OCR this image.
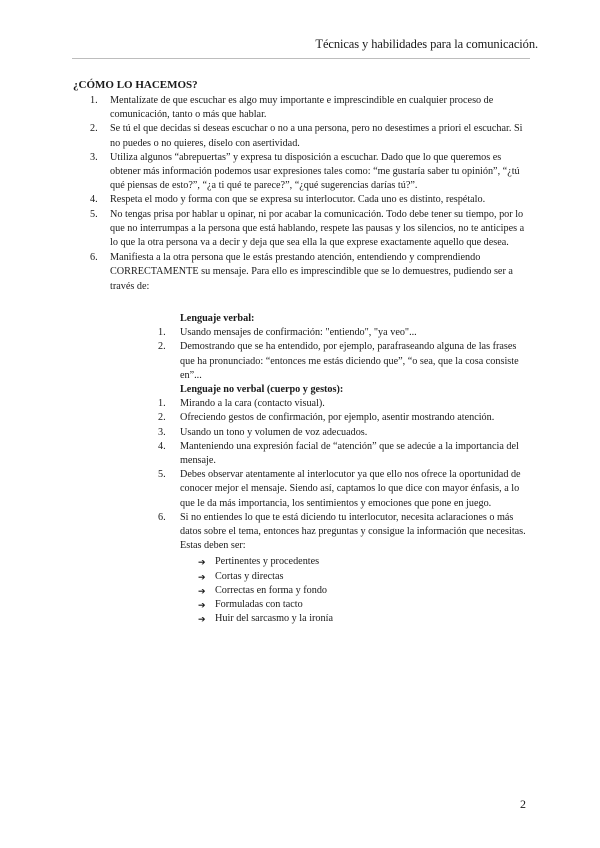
Técnicas y habilidades para la comunicación.
¿CÓMO LO HACEMOS?
1. Mentalízate de que escuchar es algo muy importante e imprescindible en cualquier proceso de comunicación, tanto o más que hablar.
2. Se tú el que decidas si deseas escuchar o no a una persona, pero no desestimes a priori el escuchar. Si no puedes o no quieres, díselo con asertividad.
3. Utiliza algunos “abrepuertas” y expresa tu disposición a escuchar. Dado que lo que queremos es obtener más información podemos usar expresiones tales como: “me gustaría saber tu opinión”, “¿tú qué piensas de esto?”, “¿a ti qué te parece?”, “¿qué sugerencias darías tú?”.
4. Respeta el modo y forma con que se expresa su interlocutor. Cada uno es distinto, respétalo.
5. No tengas prisa por hablar u opinar, ni por acabar la comunicación. Todo debe tener su tiempo, por lo que no interrumpas a la persona que está hablando, respete las pausas y los silencios, no te anticipes a lo que la otra persona va a decir y deja que sea ella la que exprese exactamente aquello que desea.
6. Manifiesta a la otra persona que le estás prestando atención, entendiendo y comprendiendo CORRECTAMENTE su mensaje. Para ello es imprescindible que se lo demuestres, pudiendo ser a través de:
Lenguaje verbal:
1. Usando mensajes de confirmación: "entiendo", "ya veo"...
2. Demostrando que se ha entendido, por ejemplo, parafraseando alguna de las frases que ha pronunciado: “entonces me estás diciendo que”, “o sea, que la cosa consiste en”...
Lenguaje no verbal (cuerpo y gestos):
1. Mirando a la cara (contacto visual).
2. Ofreciendo gestos de confirmación, por ejemplo, asentir mostrando atención.
3. Usando un tono y volumen de voz adecuados.
4. Manteniendo una expresión facial de “atención” que se adecúe a la importancia del mensaje.
5. Debes observar atentamente al interlocutor ya que ello nos ofrece la oportunidad de conocer mejor el mensaje. Siendo así, captamos lo que dice con mayor énfasis, a lo que le da más importancia, los sentimientos y emociones que pone en juego.
6. Si no entiendes lo que te está diciendo tu interlocutor, necesita aclaraciones o más datos sobre el tema, entonces haz preguntas y consigue la información que necesitas. Estas deben ser:
➔ Pertinentes y procedentes
➔ Cortas y directas
➔ Correctas en forma y fondo
➔ Formuladas con tacto
➔ Huir del sarcasmo y la ironía
2
